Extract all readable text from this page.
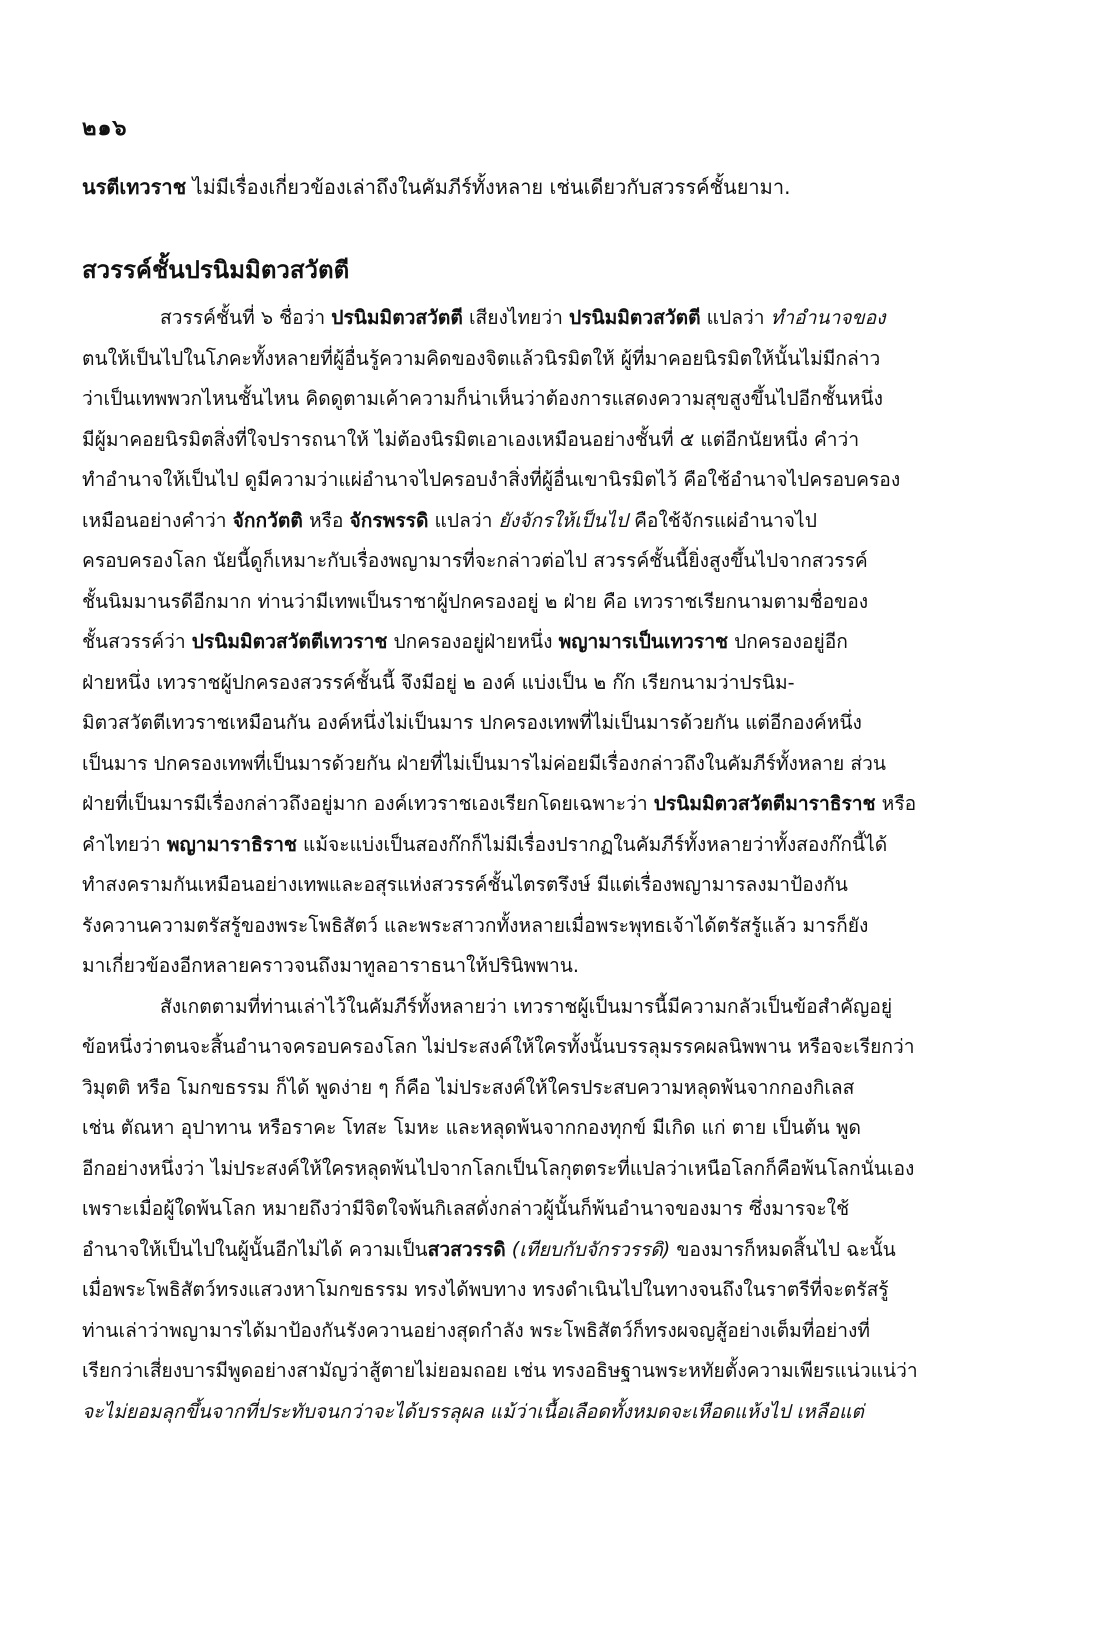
๒๑๖
นรตีเทวราช ไม่มีเรื่องเกี่ยวข้องเล่าถึงในคัมภีร์ทั้งหลาย เช่นเดียวกับสวรรค์ชั้นยามา.
สวรรค์ชั้นปรนิมมิตวสวัตตี
สวรรค์ชั้นที่ ๖ ชื่อว่า ปรนิมมิตวสวัตตี เสียงไทยว่า ปรนิมมิตวสวัตตี แปลว่า ทำอำนาจของ
ตนให้เป็นไปในโภคะทั้งหลายที่ผู้อื่นรู้ความคิดของจิตแล้วนิรมิตให้ ผู้ที่มาคอยนิรมิตให้นั้นไม่มีกล่าว
ว่าเป็นเทพพวกไหนชั้นไหน คิดดูตามเค้าความก็น่าเห็นว่าต้องการแสดงความสุขสูงขึ้นไปอีกชั้นหนึ่ง
มีผู้มาคอยนิรมิตสิ่งที่ใจปรารถนาให้ ไม่ต้องนิรมิตเอาเองเหมือนอย่างชั้นที่ ๕ แต่อีกนัยหนึ่ง คำว่า
ทำอำนาจให้เป็นไป ดูมีความว่าแผ่อำนาจไปครอบงำสิ่งที่ผู้อื่นเขานิรมิตไว้ คือใช้อำนาจไปครอบครอง
เหมือนอย่างคำว่า จักกวัตติ หรือ จักรพรรดิ แปลว่า ยังจักรให้เป็นไป คือใช้จักรแผ่อำนาจไป
ครอบครองโลก นัยนี้ดูก็เหมาะกับเรื่องพญามารที่จะกล่าวต่อไป สวรรค์ชั้นนี้ยิ่งสูงขึ้นไปจากสวรรค์
ชั้นนิมมานรดีอีกมาก ท่านว่ามีเทพเป็นราชาผู้ปกครองอยู่ ๒ ฝ่าย คือ เทวราชเรียกนามตามชื่อของ
ชั้นสวรรค์ว่า ปรนิมมิตวสวัตตีเทวราช ปกครองอยู่ฝ่ายหนึ่ง พญามารเป็นเทวราช ปกครองอยู่อีก
ฝ่ายหนึ่ง เทวราชผู้ปกครองสวรรค์ชั้นนี้ จึงมีอยู่ ๒ องค์ แบ่งเป็น ๒ ก๊ก เรียกนามว่าปรนิม-
มิตวสวัตตีเทวราชเหมือนกัน องค์หนึ่งไม่เป็นมาร ปกครองเทพที่ไม่เป็นมารด้วยกัน แต่อีกองค์หนึ่ง
เป็นมาร ปกครองเทพที่เป็นมารด้วยกัน ฝ่ายที่ไม่เป็นมารไม่ค่อยมีเรื่องกล่าวถึงในคัมภีร์ทั้งหลาย ส่วน
ฝ่ายที่เป็นมารมีเรื่องกล่าวถึงอยู่มาก องค์เทวราชเองเรียกโดยเฉพาะว่า ปรนิมมิตวสวัตตีมาราธิราช หรือ
คำไทยว่า พญามาราธิราช แม้จะแบ่งเป็นสองก๊กก็ไม่มีเรื่องปรากฏในคัมภีร์ทั้งหลายว่าทั้งสองก๊กนี้ได้
ทำสงครามกันเหมือนอย่างเทพและอสุรแห่งสวรรค์ชั้นไตรตรึงษ์ มีแต่เรื่องพญามารลงมาป้องกัน
รังควานความตรัสรู้ของพระโพธิสัตว์ และพระสาวกทั้งหลายเมื่อพระพุทธเจ้าได้ตรัสรู้แล้ว มารก็ยัง
มาเกี่ยวข้องอีกหลายคราวจนถึงมาทูลอาราธนาให้ปรินิพพาน.
สังเกตตามที่ท่านเล่าไว้ในคัมภีร์ทั้งหลายว่า เทวราชผู้เป็นมารนี้มีความกลัวเป็นข้อสำคัญอยู่
ข้อหนึ่งว่าตนจะสิ้นอำนาจครอบครองโลก ไม่ประสงค์ให้ใครทั้งนั้นบรรลุมรรคผลนิพพาน หรือจะเรียกว่า
วิมุตติ หรือ โมกขธรรม ก็ได้ พูดง่าย ๆ ก็คือ ไม่ประสงค์ให้ใครประสบความหลุดพ้นจากกองกิเลส
เช่น ตัณหา อุปาทาน หรือราคะ โทสะ โมหะ และหลุดพ้นจากกองทุกข์ มีเกิด แก่ ตาย เป็นต้น พูด
อีกอย่างหนึ่งว่า ไม่ประสงค์ให้ใครหลุดพ้นไปจากโลกเป็นโลกุตตระที่แปลว่าเหนือโลกก็คือพ้นโลกนั่นเอง
เพราะเมื่อผู้ใดพ้นโลก หมายถึงว่ามีจิตใจพ้นกิเลสดั่งกล่าวผู้นั้นก็พ้นอำนาจของมาร ซึ่งมารจะใช้
อำนาจให้เป็นไปในผู้นั้นอีกไม่ได้ ความเป็นสวสวรรดิ (เทียบกับจักรวรรดิ) ของมารก็หมดสิ้นไป ฉะนั้น
เมื่อพระโพธิสัตว์ทรงแสวงหาโมกขธรรม ทรงได้พบทาง ทรงดำเนินไปในทางจนถึงในราตรีที่จะตรัสรู้
ท่านเล่าว่าพญามารได้มาป้องกันรังควานอย่างสุดกำลัง พระโพธิสัตว์ก็ทรงผจญสู้อย่างเต็มที่อย่างที่
เรียกว่าเสี่ยงบารมีพูดอย่างสามัญว่าสู้ตายไม่ยอมถอย เช่น ทรงอธิษฐานพระหทัยตั้งความเพียรแน่วแน่ว่า
จะไม่ยอมลุกขึ้นจากที่ประทับจนกว่าจะได้บรรลุผล แม้ว่าเนื้อเลือดทั้งหมดจะเหือดแห้งไป เหลือแต่
